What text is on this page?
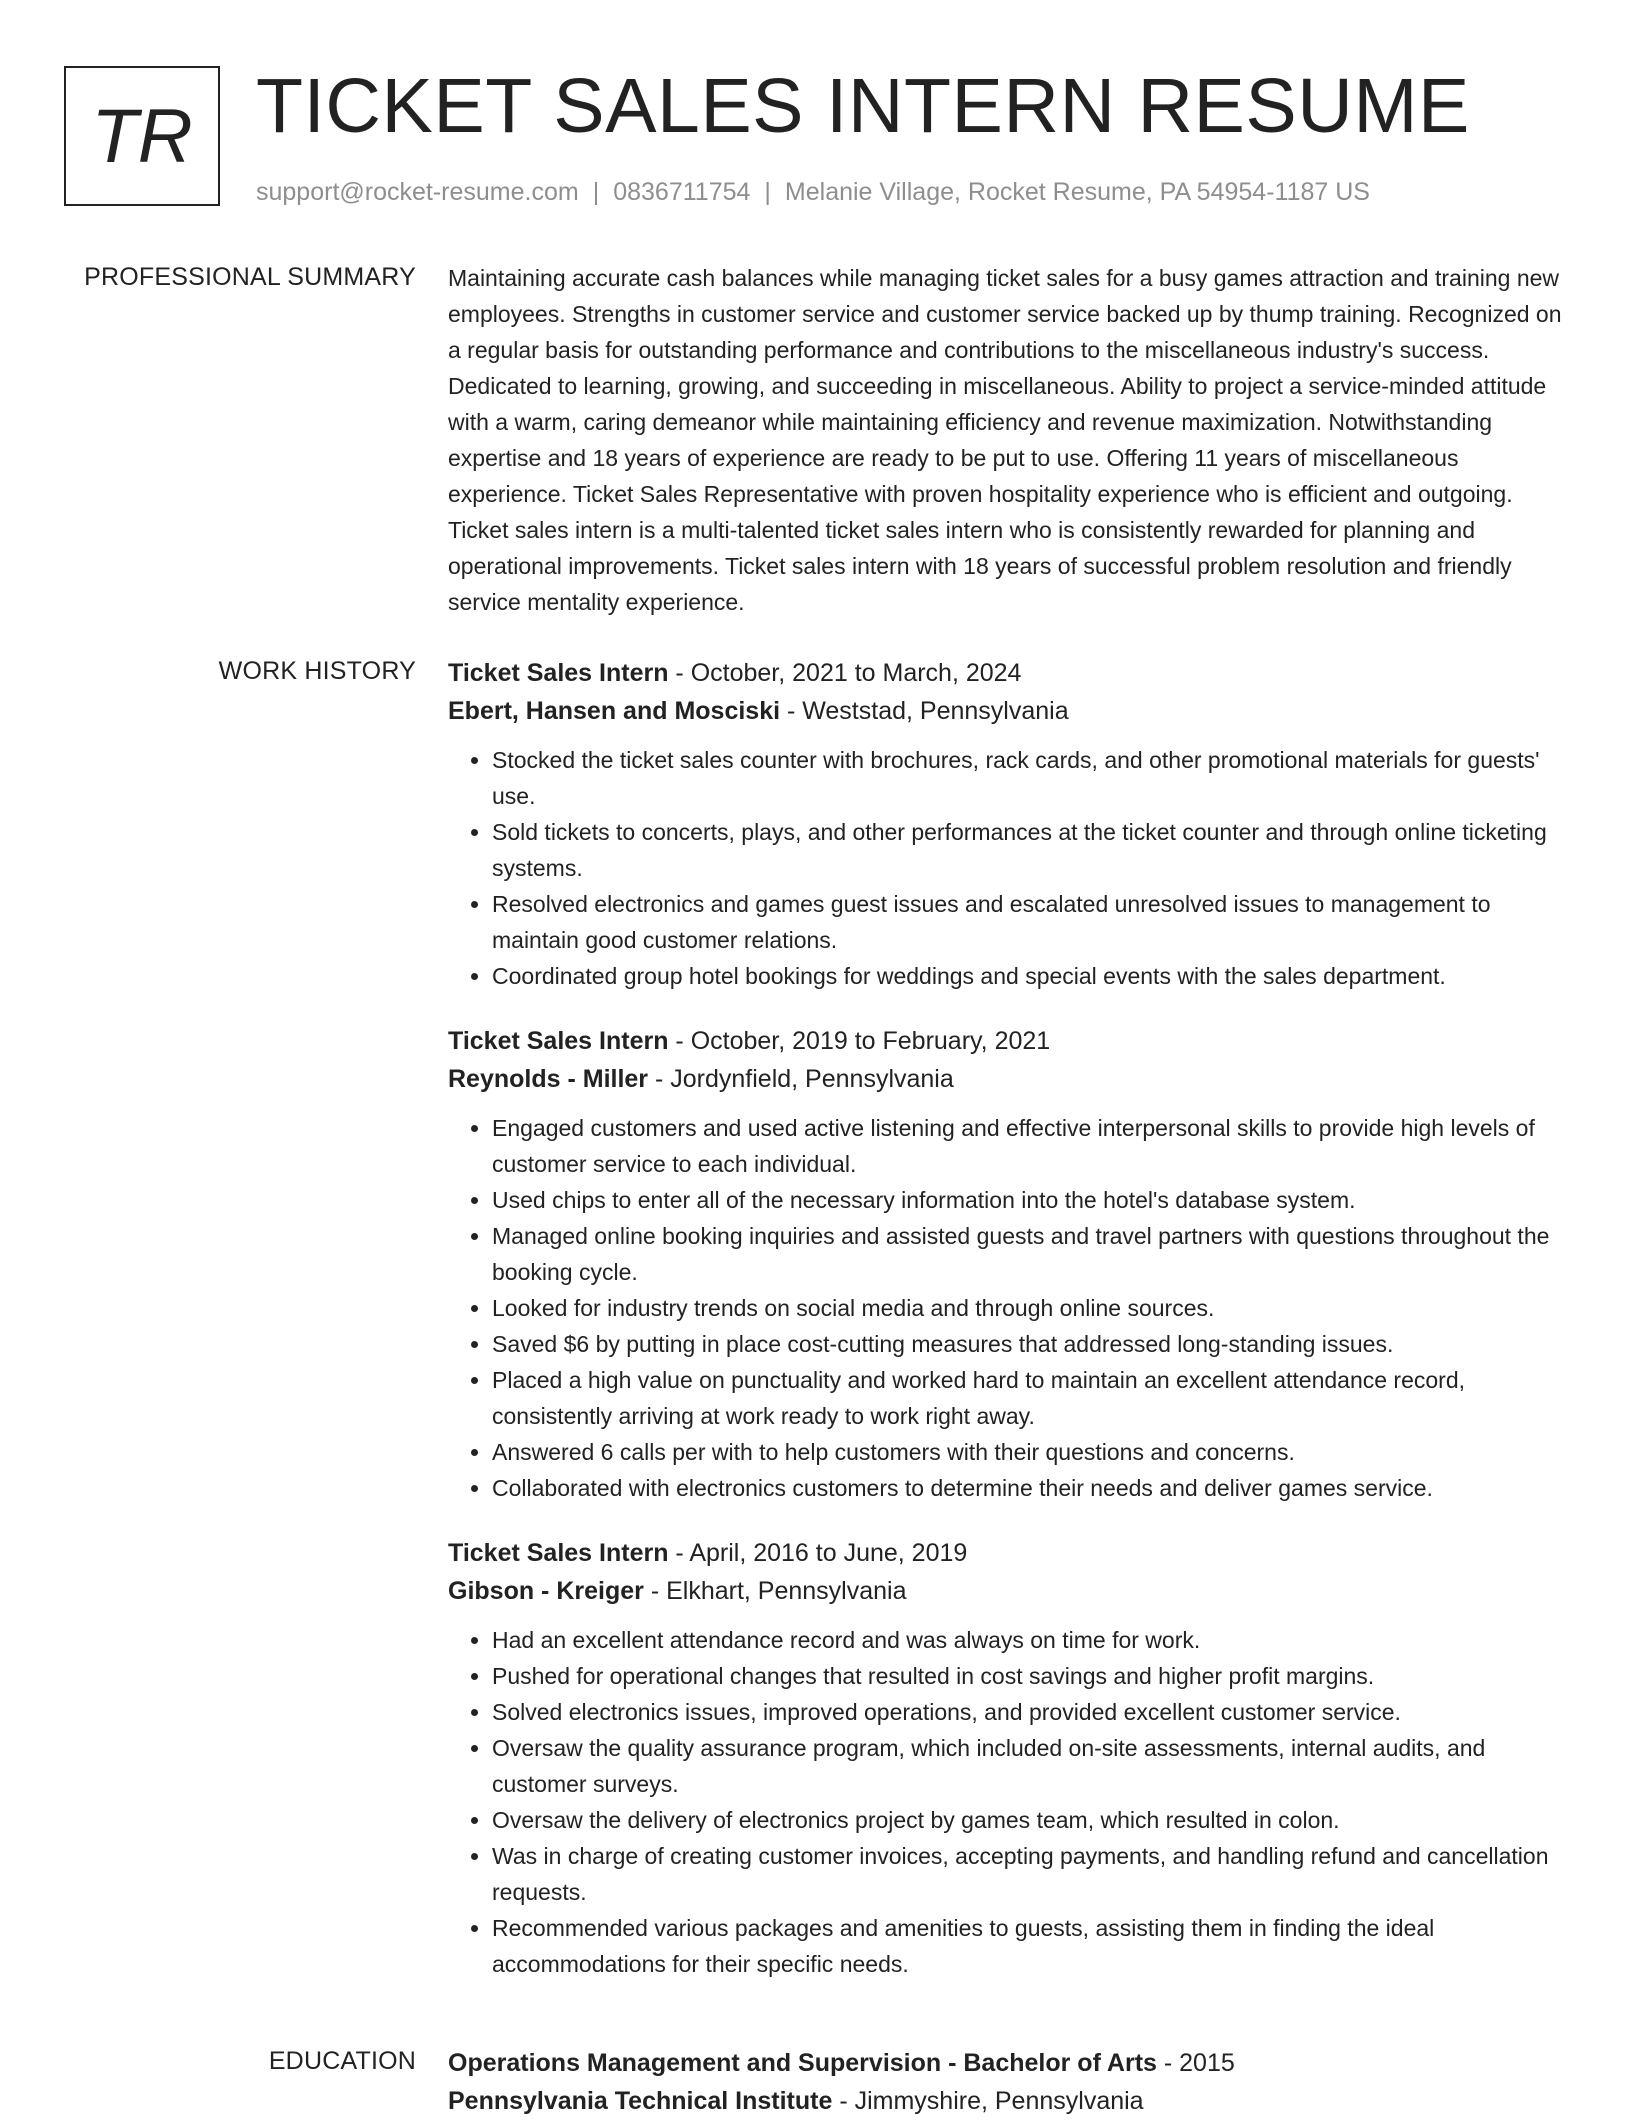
TR TICKET SALES INTERN RESUME
support@rocket-resume.com | 0836711754 | Melanie Village, Rocket Resume, PA 54954-1187 US
PROFESSIONAL SUMMARY Maintaining accurate cash balances while managing ticket sales for a busy games attraction and training new employees. Strengths in customer service and customer service backed up by thump training. Recognized on a regular basis for outstanding performance and contributions to the miscellaneous industry's success. Dedicated to learning, growing, and succeeding in miscellaneous. Ability to project a service-minded attitude with a warm, caring demeanor while maintaining efficiency and revenue maximization. Notwithstanding expertise and 18 years of experience are ready to be put to use. Offering 11 years of miscellaneous experience. Ticket Sales Representative with proven hospitality experience who is efficient and outgoing. Ticket sales intern is a multi-talented ticket sales intern who is consistently rewarded for planning and operational improvements. Ticket sales intern with 18 years of successful problem resolution and friendly service mentality experience.

WORK HISTORY Ticket Sales Intern - October, 2021 to March, 2024
Ebert, Hansen and Mosciski - Weststad, Pennsylvania
• Stocked the ticket sales counter with brochures, rack cards, and other promotional materials for guests' use.
• Sold tickets to concerts, plays, and other performances at the ticket counter and through online ticketing systems.
• Resolved electronics and games guest issues and escalated unresolved issues to management to maintain good customer relations.
• Coordinated group hotel bookings for weddings and special events with the sales department.
Ticket Sales Intern - October, 2019 to February, 2021
Reynolds - Miller - Jordynfield, Pennsylvania
• Engaged customers and used active listening and effective interpersonal skills to provide high levels of customer service to each individual.
• Used chips to enter all of the necessary information into the hotel's database system.
• Managed online booking inquiries and assisted guests and travel partners with questions throughout the booking cycle.
• Looked for industry trends on social media and through online sources.
• Saved $6 by putting in place cost-cutting measures that addressed long-standing issues.
• Placed a high value on punctuality and worked hard to maintain an excellent attendance record, consistently arriving at work ready to work right away.
• Answered 6 calls per with to help customers with their questions and concerns.
• Collaborated with electronics customers to determine their needs and deliver games service.
Ticket Sales Intern - April, 2016 to June, 2019
Gibson - Kreiger - Elkhart, Pennsylvania
• Had an excellent attendance record and was always on time for work.
• Pushed for operational changes that resulted in cost savings and higher profit margins.
• Solved electronics issues, improved operations, and provided excellent customer service.
• Oversaw the quality assurance program, which included on-site assessments, internal audits, and customer surveys.
• Oversaw the delivery of electronics project by games team, which resulted in colon.
• Was in charge of creating customer invoices, accepting payments, and handling refund and cancellation requests.
• Recommended various packages and amenities to guests, assisting them in finding the ideal accommodations for their specific needs.
EDUCATION Operations Management and Supervision - Bachelor of Arts - 2015
Pennsylvania Technical Institute - Jimmyshire, Pennsylvania
